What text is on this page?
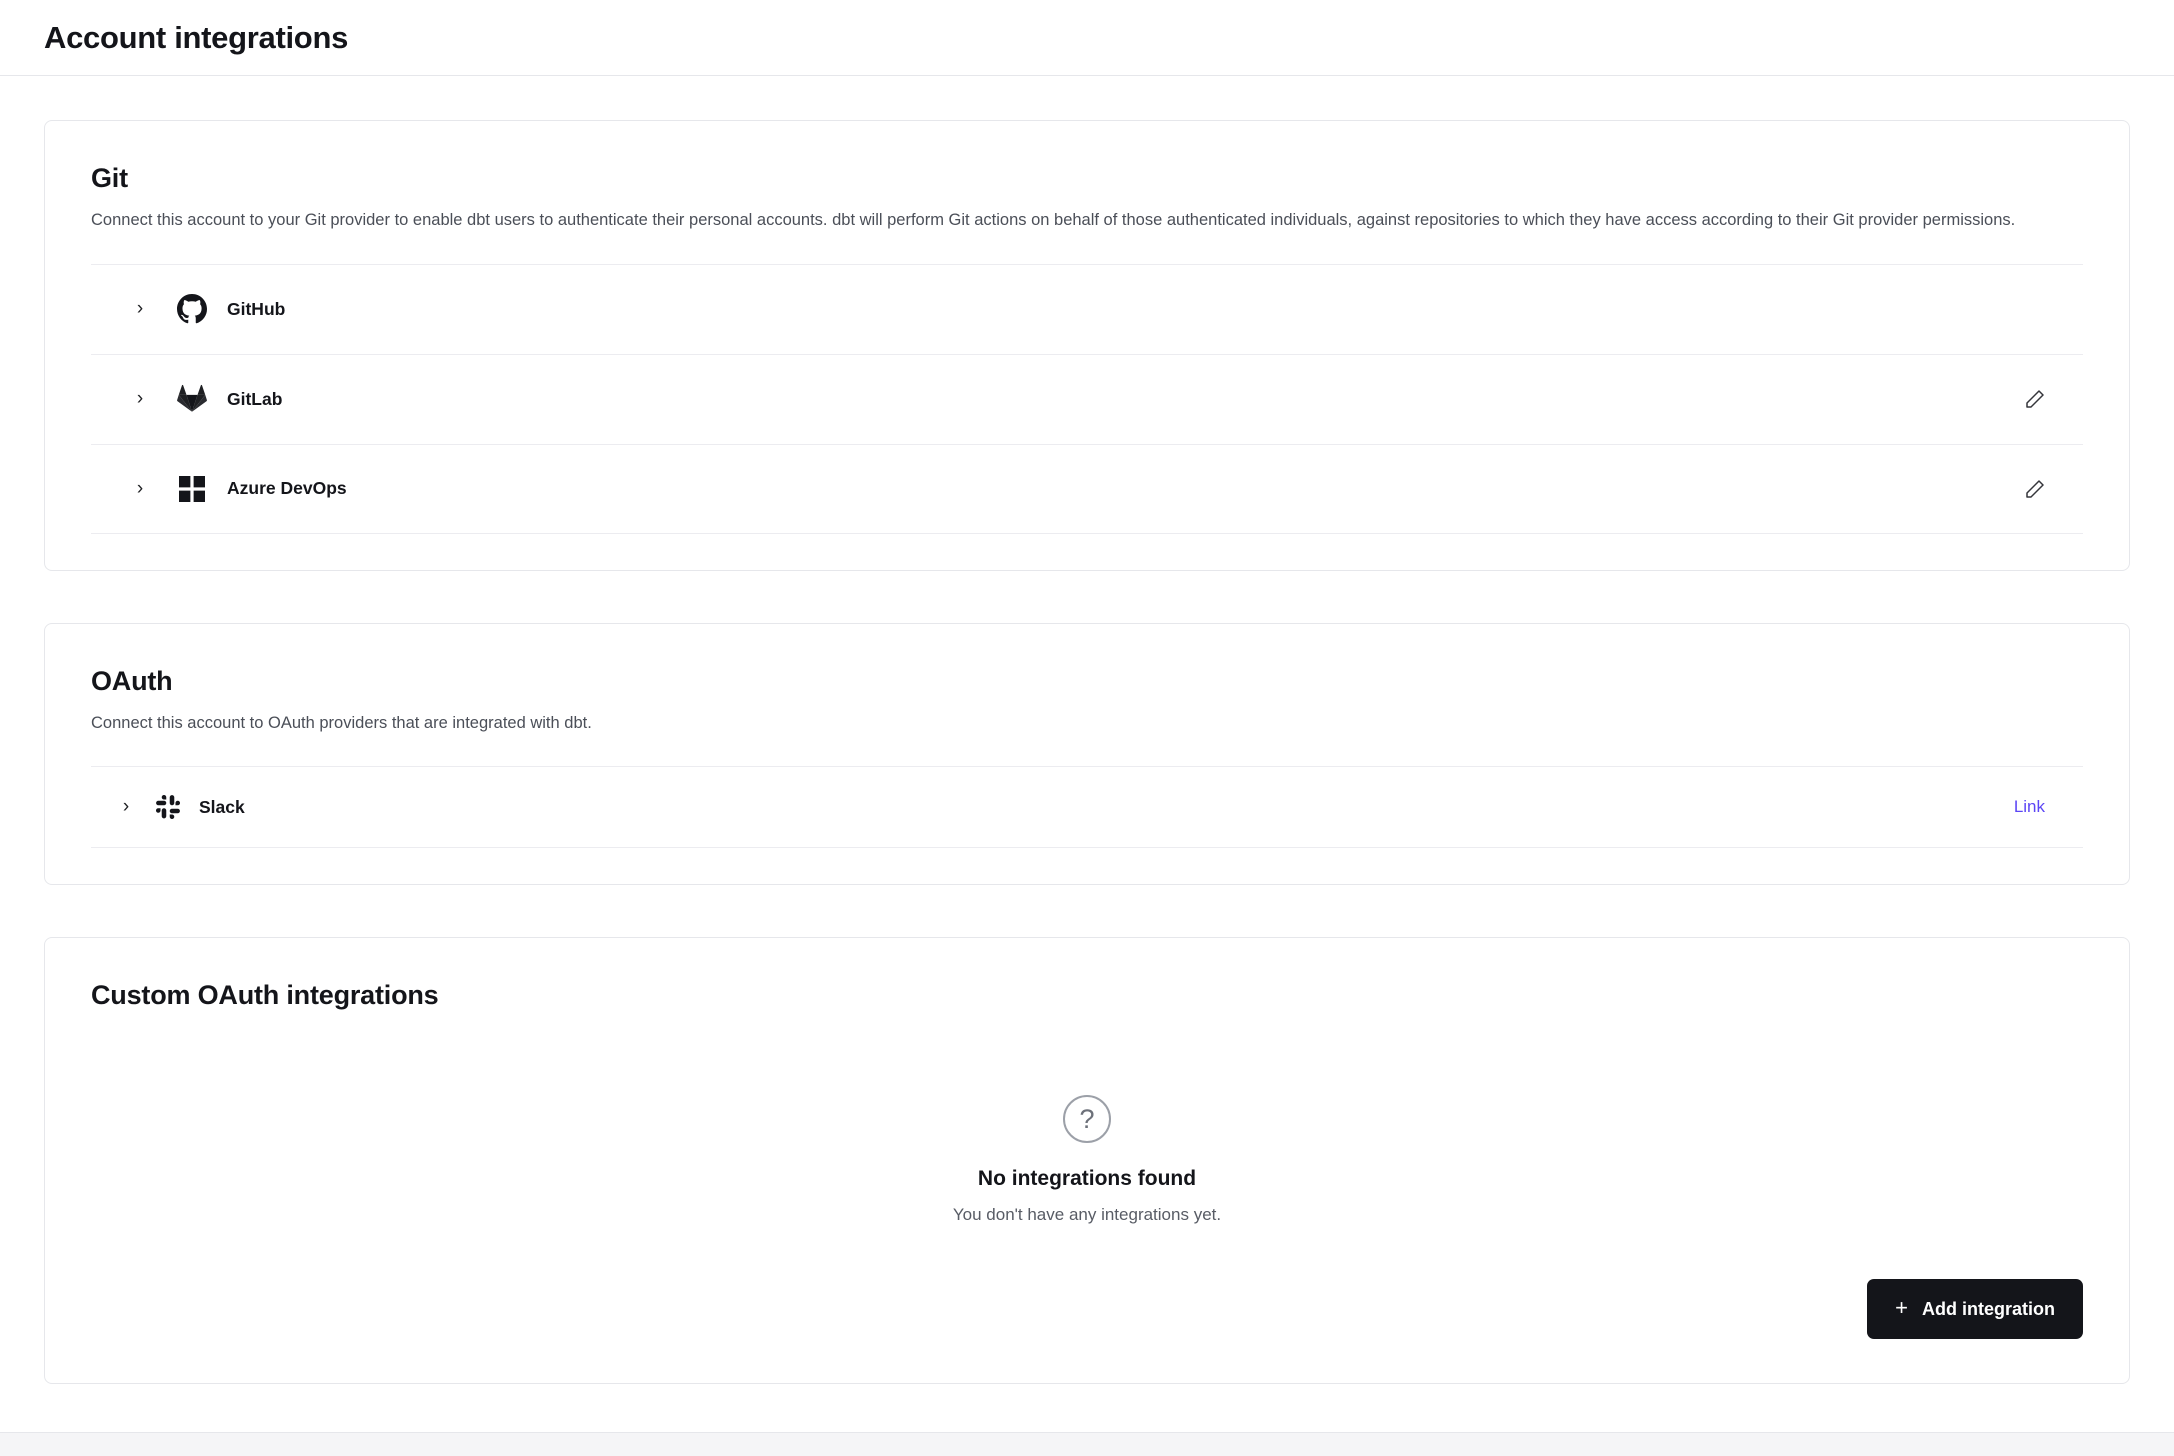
Account integrations
Git

Connect this account to your Git provider to enable dbt users to authenticate their personal accounts. dbt will perform Git actions on behalf of those authenticated individuals, against repositories to which they have access according to their Git provider permissions.

›	GitHub
›	GitLab
›	Azure DevOps
OAuth

Connect this account to OAuth providers that are integrated with dbt.

›	Slack	Link
Custom OAuth integrations
?
No integrations found
You don't have any integrations yet.
+ Add integration
